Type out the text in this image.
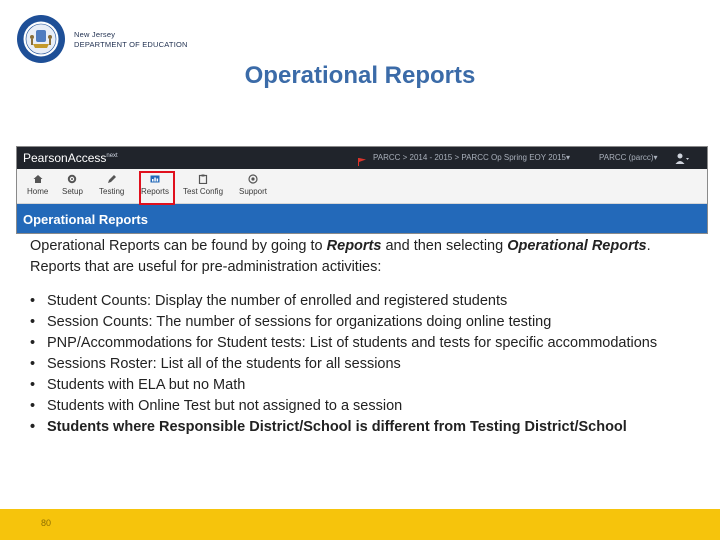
New Jersey
DEPARTMENT OF EDUCATION
Operational Reports
PearsonAccess$^{next}$	PARCC > 2014 - 2015 > PARCC Op Spring EOY 2015▾	PARCC (parcc)▾
Home Setup Testing Reports Test Config Support
Operational Reports

Operational Reports can be found by going to Reports and then selecting Operational Reports. Reports that are useful for pre-administration activities:

• Student Counts: Display the number of enrolled and registered students
• Session Counts: The number of sessions for organizations doing online testing
• PNP/Accommodations for Student tests: List of students and tests for specific accommodations
• Sessions Roster: List all of the students for all sessions
• Students with ELA but no Math
• Students with Online Test but not assigned to a session
• Students where Responsible District/School is different from Testing District/School
80
